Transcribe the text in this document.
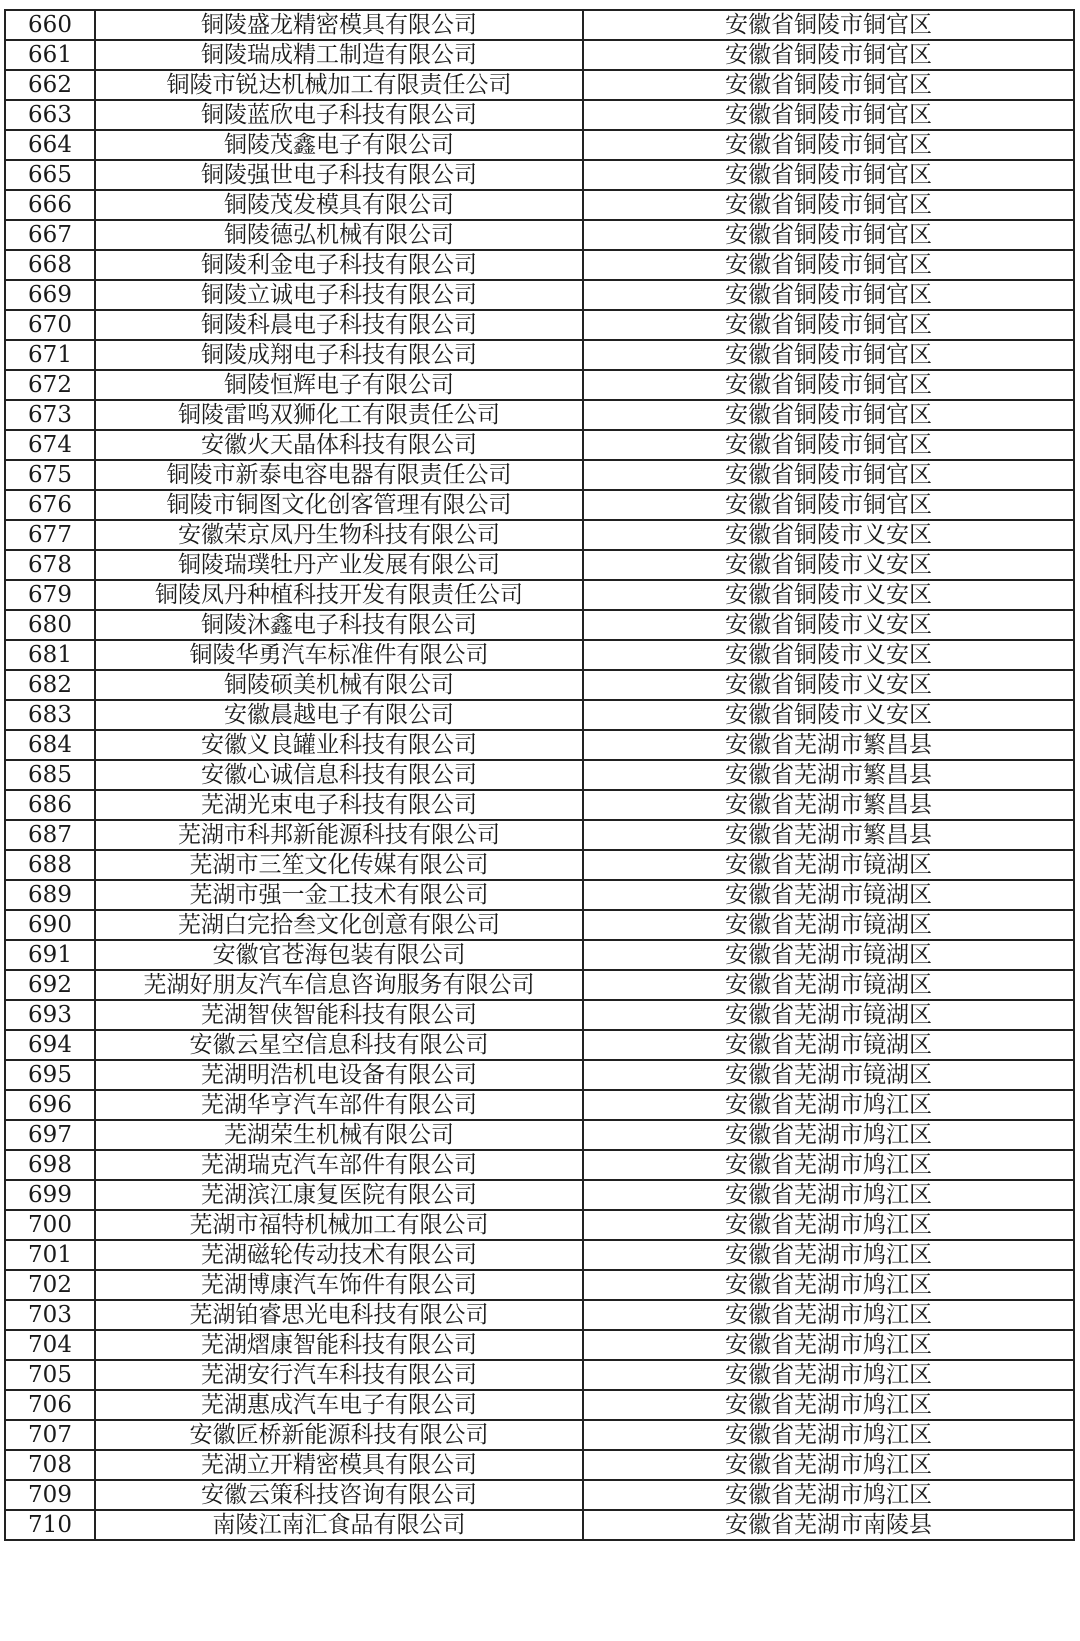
660	铜陵盛龙精密模具有限公司	安徽省铜陵市铜官区
661	铜陵瑞成精工制造有限公司	安徽省铜陵市铜官区
662	铜陵市锐达机械加工有限责任公司	安徽省铜陵市铜官区
663	铜陵蓝欣电子科技有限公司	安徽省铜陵市铜官区
664	铜陵茂鑫电子有限公司	安徽省铜陵市铜官区
665	铜陵强世电子科技有限公司	安徽省铜陵市铜官区
666	铜陵茂发模具有限公司	安徽省铜陵市铜官区
667	铜陵德弘机械有限公司	安徽省铜陵市铜官区
668	铜陵利金电子科技有限公司	安徽省铜陵市铜官区
669	铜陵立诚电子科技有限公司	安徽省铜陵市铜官区
670	铜陵科晨电子科技有限公司	安徽省铜陵市铜官区
671	铜陵成翔电子科技有限公司	安徽省铜陵市铜官区
672	铜陵恒辉电子有限公司	安徽省铜陵市铜官区
673	铜陵雷鸣双狮化工有限责任公司	安徽省铜陵市铜官区
674	安徽火天晶体科技有限公司	安徽省铜陵市铜官区
675	铜陵市新泰电容电器有限责任公司	安徽省铜陵市铜官区
676	铜陵市铜图文化创客管理有限公司	安徽省铜陵市铜官区
677	安徽荣京凤丹生物科技有限公司	安徽省铜陵市义安区
678	铜陵瑞璞牡丹产业发展有限公司	安徽省铜陵市义安区
679	铜陵凤丹种植科技开发有限责任公司	安徽省铜陵市义安区
680	铜陵沐鑫电子科技有限公司	安徽省铜陵市义安区
681	铜陵华勇汽车标准件有限公司	安徽省铜陵市义安区
682	铜陵硕美机械有限公司	安徽省铜陵市义安区
683	安徽晨越电子有限公司	安徽省铜陵市义安区
684	安徽义良罐业科技有限公司	安徽省芜湖市繁昌县
685	安徽心诚信息科技有限公司	安徽省芜湖市繁昌县
686	芜湖光束电子科技有限公司	安徽省芜湖市繁昌县
687	芜湖市科邦新能源科技有限公司	安徽省芜湖市繁昌县
688	芜湖市三笙文化传媒有限公司	安徽省芜湖市镜湖区
689	芜湖市强一金工技术有限公司	安徽省芜湖市镜湖区
690	芜湖白完拾叁文化创意有限公司	安徽省芜湖市镜湖区
691	安徽官苍海包装有限公司	安徽省芜湖市镜湖区
692	芜湖好朋友汽车信息咨询服务有限公司	安徽省芜湖市镜湖区
693	芜湖智侠智能科技有限公司	安徽省芜湖市镜湖区
694	安徽云星空信息科技有限公司	安徽省芜湖市镜湖区
695	芜湖明浩机电设备有限公司	安徽省芜湖市镜湖区
696	芜湖华亨汽车部件有限公司	安徽省芜湖市鸠江区
697	芜湖荣生机械有限公司	安徽省芜湖市鸠江区
698	芜湖瑞克汽车部件有限公司	安徽省芜湖市鸠江区
699	芜湖滨江康复医院有限公司	安徽省芜湖市鸠江区
700	芜湖市福特机械加工有限公司	安徽省芜湖市鸠江区
701	芜湖磁轮传动技术有限公司	安徽省芜湖市鸠江区
702	芜湖博康汽车饰件有限公司	安徽省芜湖市鸠江区
703	芜湖铂睿思光电科技有限公司	安徽省芜湖市鸠江区
704	芜湖熠康智能科技有限公司	安徽省芜湖市鸠江区
705	芜湖安行汽车科技有限公司	安徽省芜湖市鸠江区
706	芜湖惠成汽车电子有限公司	安徽省芜湖市鸠江区
707	安徽匠桥新能源科技有限公司	安徽省芜湖市鸠江区
708	芜湖立开精密模具有限公司	安徽省芜湖市鸠江区
709	安徽云策科技咨询有限公司	安徽省芜湖市鸠江区
710	南陵江南汇食品有限公司	安徽省芜湖市南陵县
